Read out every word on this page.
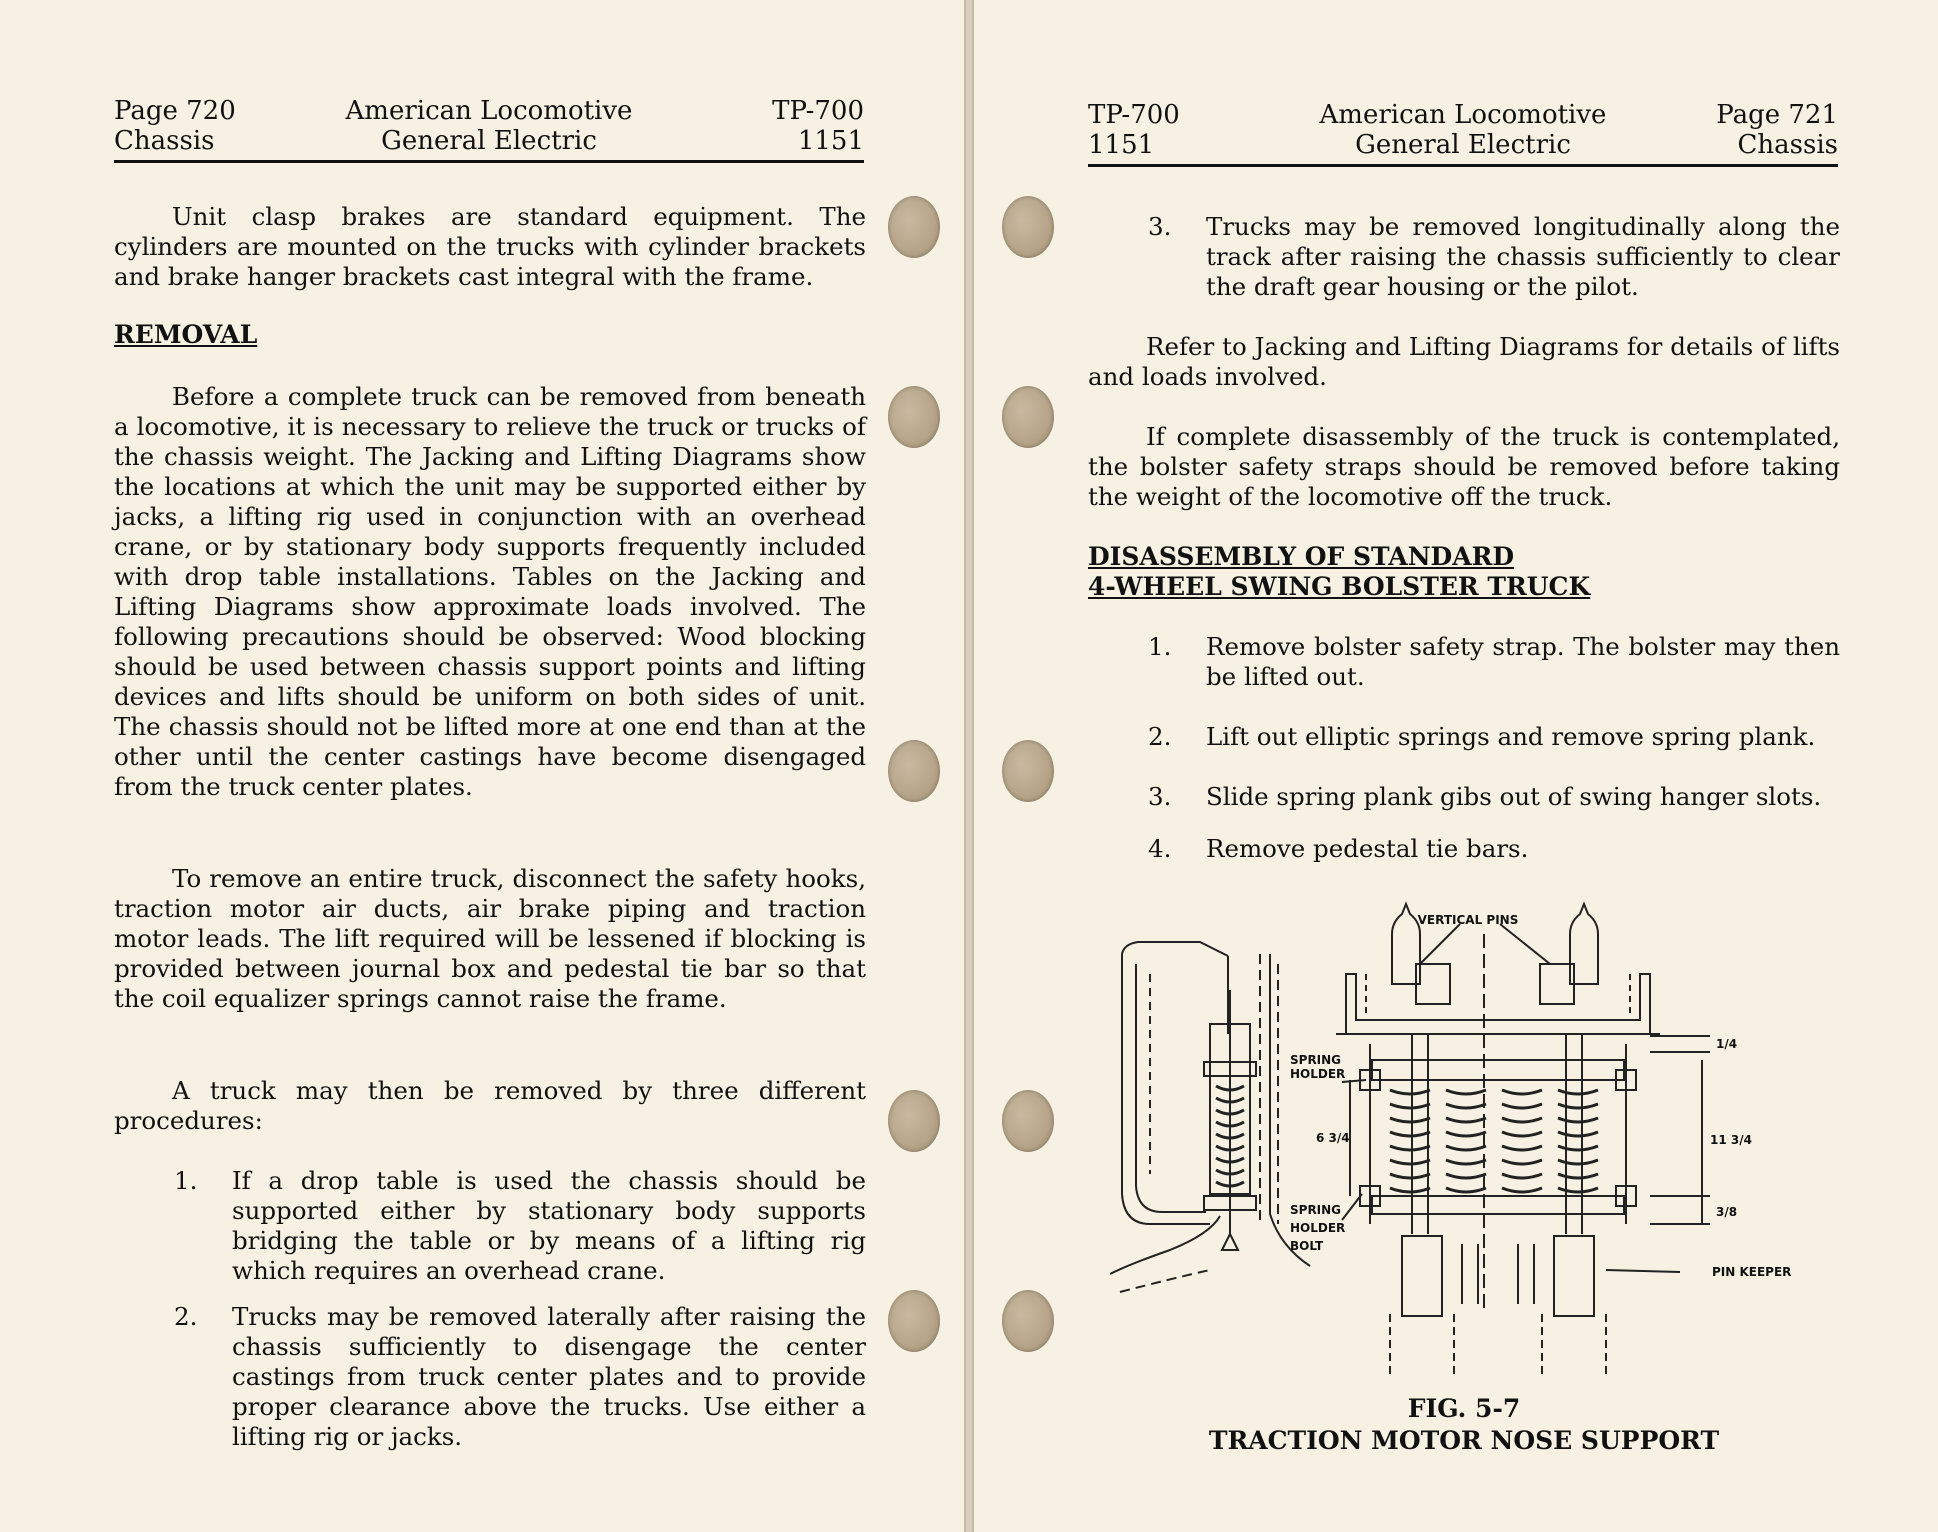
Page 720	American Locomotive	TP-700
Chassis	General Electric	1151
Unit clasp brakes are standard equipment. The cylinders are mounted on the trucks with cylinder brackets and brake hanger brackets cast integral with the frame.
REMOVAL
Before a complete truck can be removed from beneath a locomotive, it is necessary to relieve the truck or trucks of the chassis weight. The Jacking and Lifting Diagrams show the locations at which the unit may be supported either by jacks, a lifting rig used in conjunction with an overhead crane, or by stationary body supports frequently included with drop table installations. Tables on the Jacking and Lifting Diagrams show approximate loads involved. The following precautions should be observed: Wood blocking should be used between chassis support points and lifting devices and lifts should be uniform on both sides of unit. The chassis should not be lifted more at one end than at the other until the center castings have become disengaged from the truck center plates.
To remove an entire truck, disconnect the safety hooks, traction motor air ducts, air brake piping and traction motor leads. The lift required will be lessened if blocking is provided between journal box and pedestal tie bar so that the coil equalizer springs cannot raise the frame.
A truck may then be removed by three different procedures:
1. If a drop table is used the chassis should be supported either by stationary body supports bridging the table or by means of a lifting rig which requires an overhead crane.
2. Trucks may be removed laterally after raising the chassis sufficiently to disengage the center castings from truck center plates and to provide proper clearance above the trucks. Use either a lifting rig or jacks.
TP-700	American Locomotive	Page 721
1151	General Electric	Chassis
3. Trucks may be removed longitudinally along the track after raising the chassis sufficiently to clear the draft gear housing or the pilot.
Refer to Jacking and Lifting Diagrams for details of lifts and loads involved.
If complete disassembly of the truck is contemplated, the bolster safety straps should be removed before taking the weight of the locomotive off the truck.
DISASSEMBLY OF STANDARD
4-WHEEL SWING BOLSTER TRUCK
1. Remove bolster safety strap. The bolster may then be lifted out.
2. Lift out elliptic springs and remove spring plank.
3. Slide spring plank gibs out of swing hanger slots.
4. Remove pedestal tie bars.
VERTICAL PINS
SPRING
HOLDER
SPRING
HOLDER
BOLT
PIN KEEPER
1/4
6 3/4	11 3/4
3/8
FIG. 5-7
TRACTION MOTOR NOSE SUPPORT
